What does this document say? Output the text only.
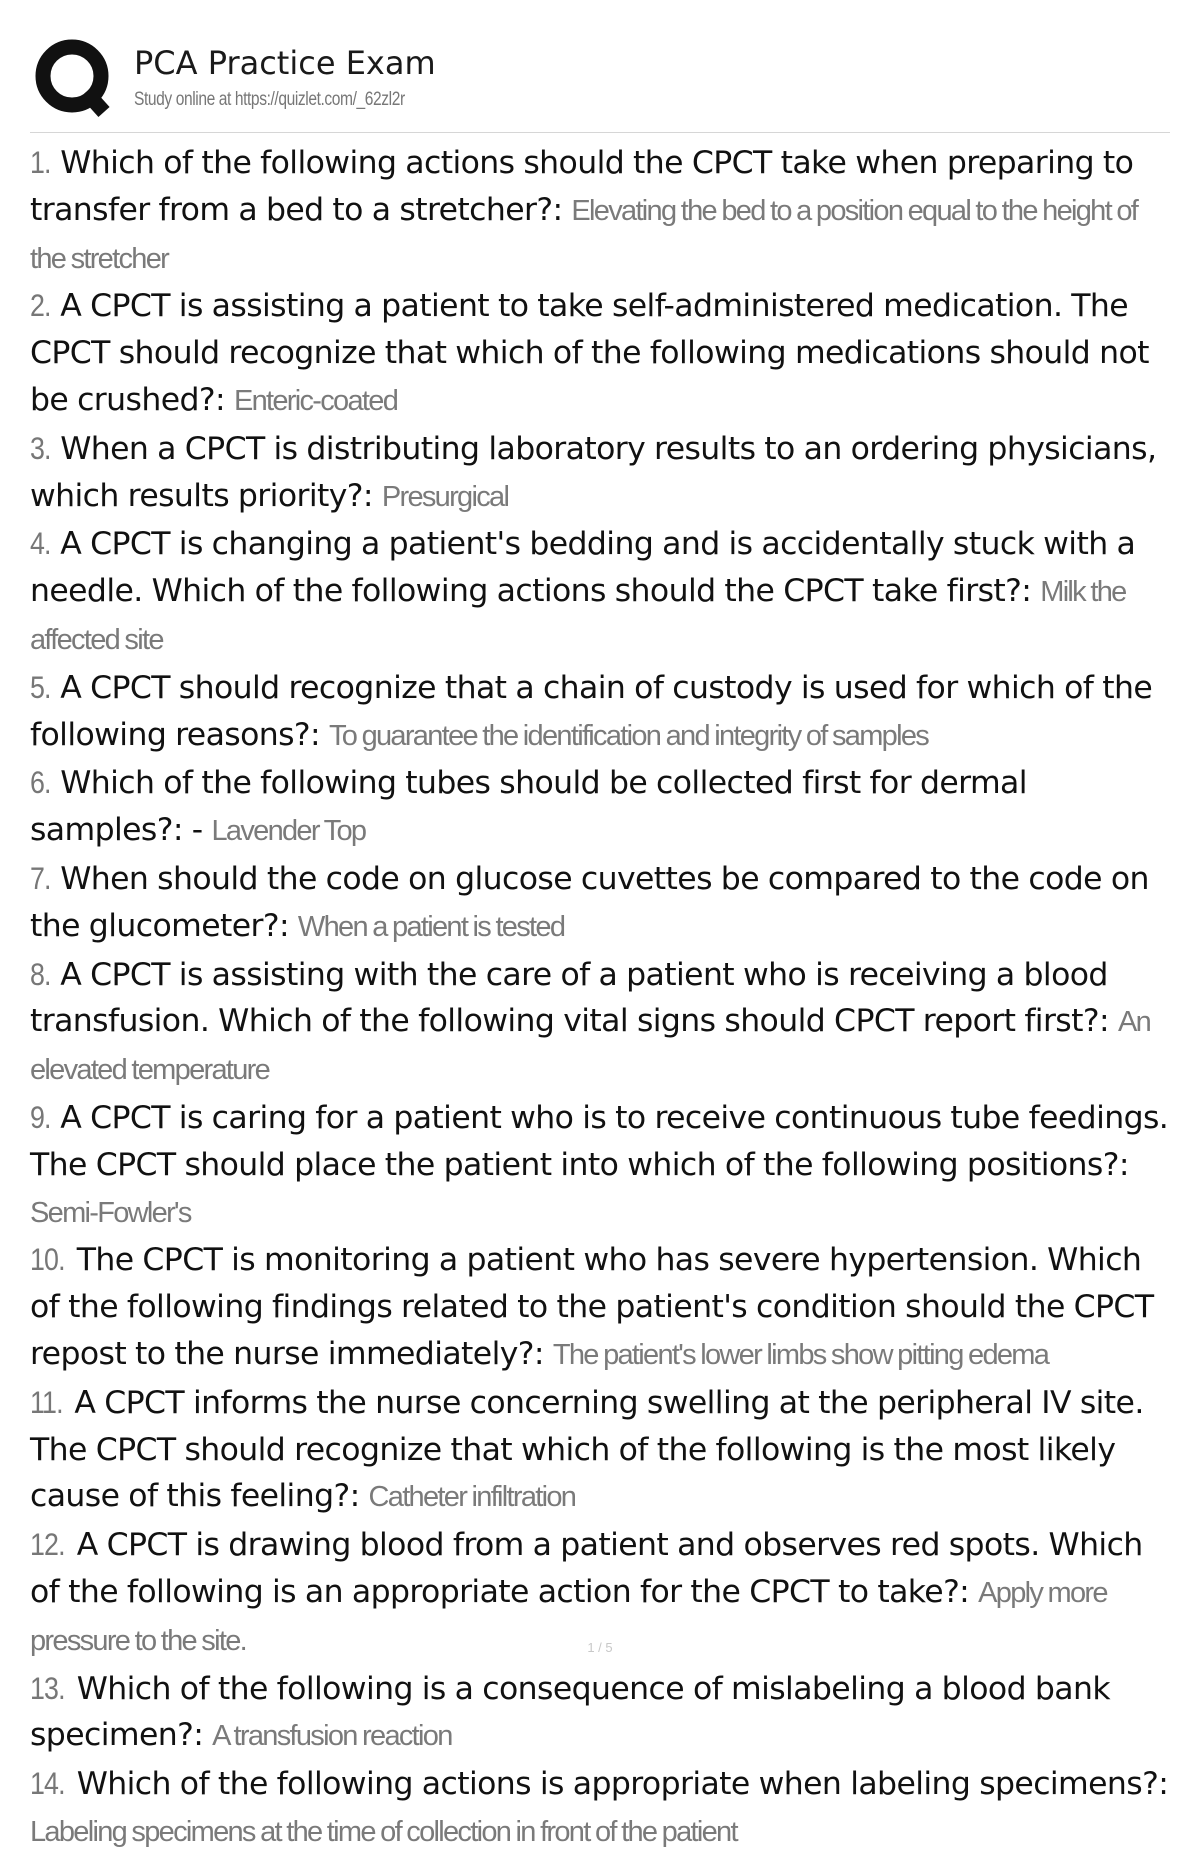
PCA Practice Exam
Study online at https://quizlet.com/_62zl2r
1. Which of the following actions should the CPCT take when preparing to transfer from a bed to a stretcher?: Elevating the bed to a position equal to the height of the stretcher
2. A CPCT is assisting a patient to take self-administered medication. The CPCT should recognize that which of the following medications should not be crushed?: Enteric-coated
3. When a CPCT is distributing laboratory results to an ordering physicians, which results priority?: Presurgical
4. A CPCT is changing a patient's bedding and is accidentally stuck with a needle. Which of the following actions should the CPCT take first?: Milk the affected site
5. A CPCT should recognize that a chain of custody is used for which of the following reasons?: To guarantee the identification and integrity of samples
6. Which of the following tubes should be collected first for dermal samples?: - Lavender Top
7. When should the code on glucose cuvettes be compared to the code on the glucometer?: When a patient is tested
8. A CPCT is assisting with the care of a patient who is receiving a blood transfusion. Which of the following vital signs should CPCT report first?: An elevated temperature
9. A CPCT is caring for a patient who is to receive continuous tube feedings. The CPCT should place the patient into which of the following positions?: Semi-Fowler's
10. The CPCT is monitoring a patient who has severe hypertension. Which of the following findings related to the patient's condition should the CPCT repost to the nurse immediately?: The patient's lower limbs show pitting edema
11. A CPCT informs the nurse concerning swelling at the peripheral IV site. The CPCT should recognize that which of the following is the most likely cause of this feeling?: Catheter infiltration
12. A CPCT is drawing blood from a patient and observes red spots. Which of the following is an appropriate action for the CPCT to take?: Apply more pressure to the site.
13. Which of the following is a consequence of mislabeling a blood bank specimen?: A transfusion reaction
14. Which of the following actions is appropriate when labeling specimens?: Labeling specimens at the time of collection in front of the patient
1 / 5
